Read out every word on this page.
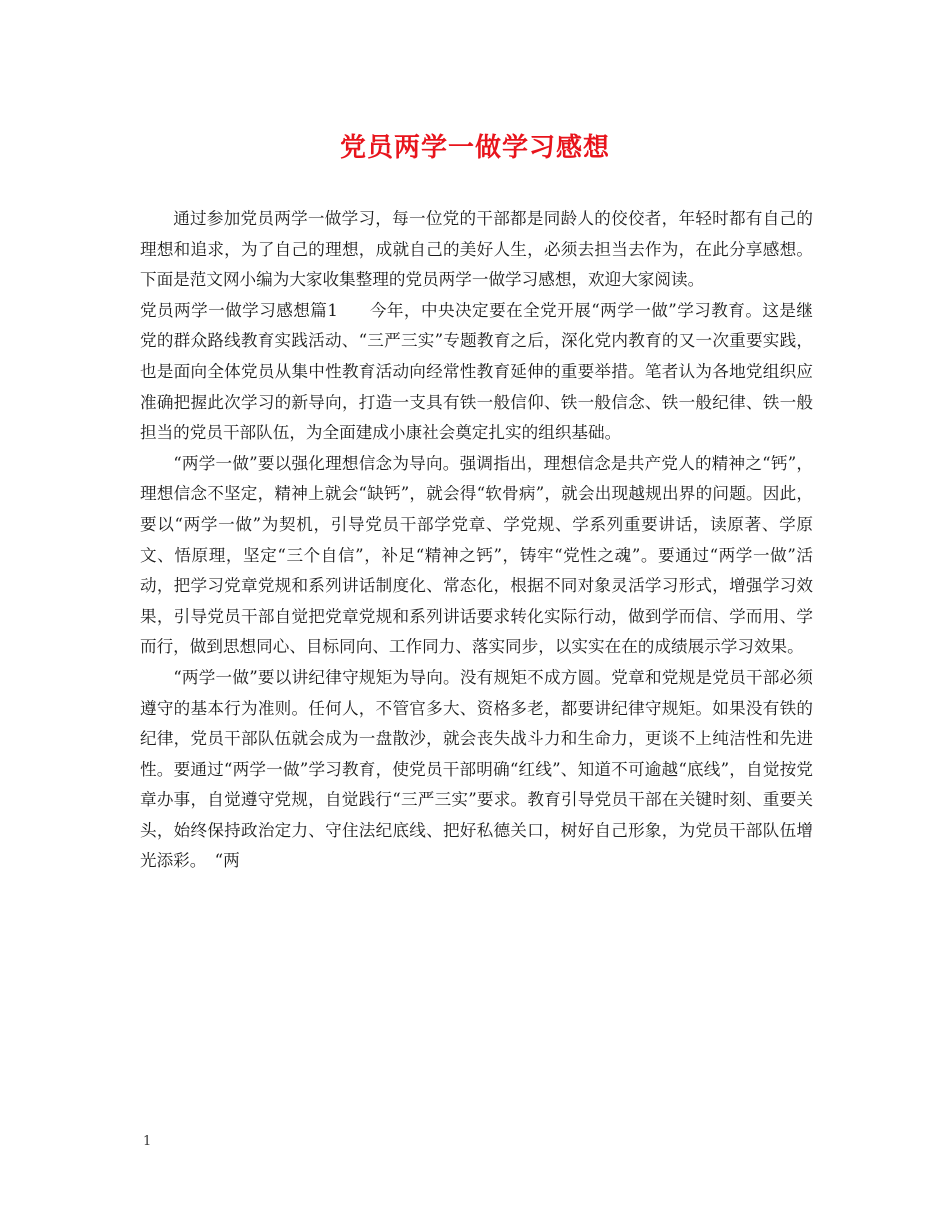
党员两学一做学习感想

通过参加党员两学一做学习，每一位党的干部都是同龄人的佼佼者，年轻时都有自己的理想和追求，为了自己的理想，成就自己的美好人生，必须去担当去作为，在此分享感想。下面是范文网小编为大家收集整理的党员两学一做学习感想，欢迎大家阅读。

党员两学一做学习感想篇1 今年，中央决定要在全党开展“两学一做”学习教育。这是继党的群众路线教育实践活动、“三严三实”专题教育之后，深化党内教育的又一次重要实践，也是面向全体党员从集中性教育活动向经常性教育延伸的重要举措。笔者认为各地党组织应准确把握此次学习的新导向，打造一支具有铁一般信仰、铁一般信念、铁一般纪律、铁一般担当的党员干部队伍，为全面建成小康社会奠定扎实的组织基础。

“两学一做”要以强化理想信念为导向。强调指出，理想信念是共产党人的精神之“钙”，理想信念不坚定，精神上就会“缺钙”，就会得“软骨病”，就会出现越规出界的问题。因此，要以“两学一做”为契机，引导党员干部学党章、学党规、学系列重要讲话，读原著、学原文、悟原理，坚定“三个自信”，补足“精神之钙”，铸牢“党性之魂”。要通过“两学一做”活动，把学习党章党规和系列讲话制度化、常态化，根据不同对象灵活学习形式，增强学习效果，引导党员干部自觉把党章党规和系列讲话要求转化实际行动，做到学而信、学而用、学而行，做到思想同心、目标同向、工作同力、落实同步，以实实在在的成绩展示学习效果。

“两学一做”要以讲纪律守规矩为导向。没有规矩不成方圆。党章和党规是党员干部必须遵守的基本行为准则。任何人，不管官多大、资格多老，都要讲纪律守规矩。如果没有铁的纪律，党员干部队伍就会成为一盘散沙，就会丧失战斗力和生命力，更谈不上纯洁性和先进性。要通过“两学一做”学习教育，使党员干部明确“红线”、知道不可逾越“底线”，自觉按党章办事，自觉遵守党规，自觉践行“三严三实”要求。教育引导党员干部在关键时刻、重要关头，始终保持政治定力、守住法纪底线、把好私德关口，树好自己形象，为党员干部队伍增光添彩。　“两

1
